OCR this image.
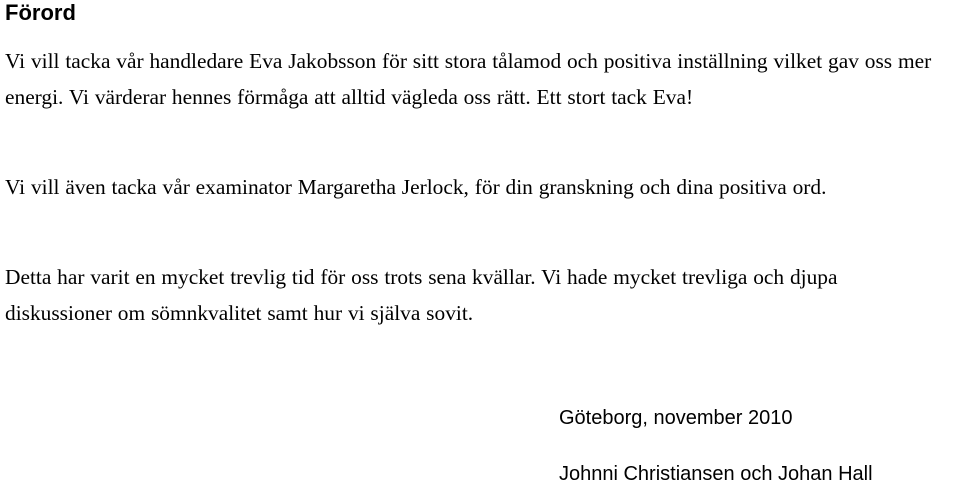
Förord

Vi vill tacka vår handledare Eva Jakobsson för sitt stora tålamod och positiva inställning vilket gav oss mer energi. Vi värderar hennes förmåga att alltid vägleda oss rätt. Ett stort tack Eva!

Vi vill även tacka vår examinator Margaretha Jerlock, för din granskning och dina positiva ord.

Detta har varit en mycket trevlig tid för oss trots sena kvällar. Vi hade mycket trevliga och djupa diskussioner om sömnkvalitet samt hur vi själva sovit.

Göteborg, november 2010

Johnni Christiansen och Johan Hall
